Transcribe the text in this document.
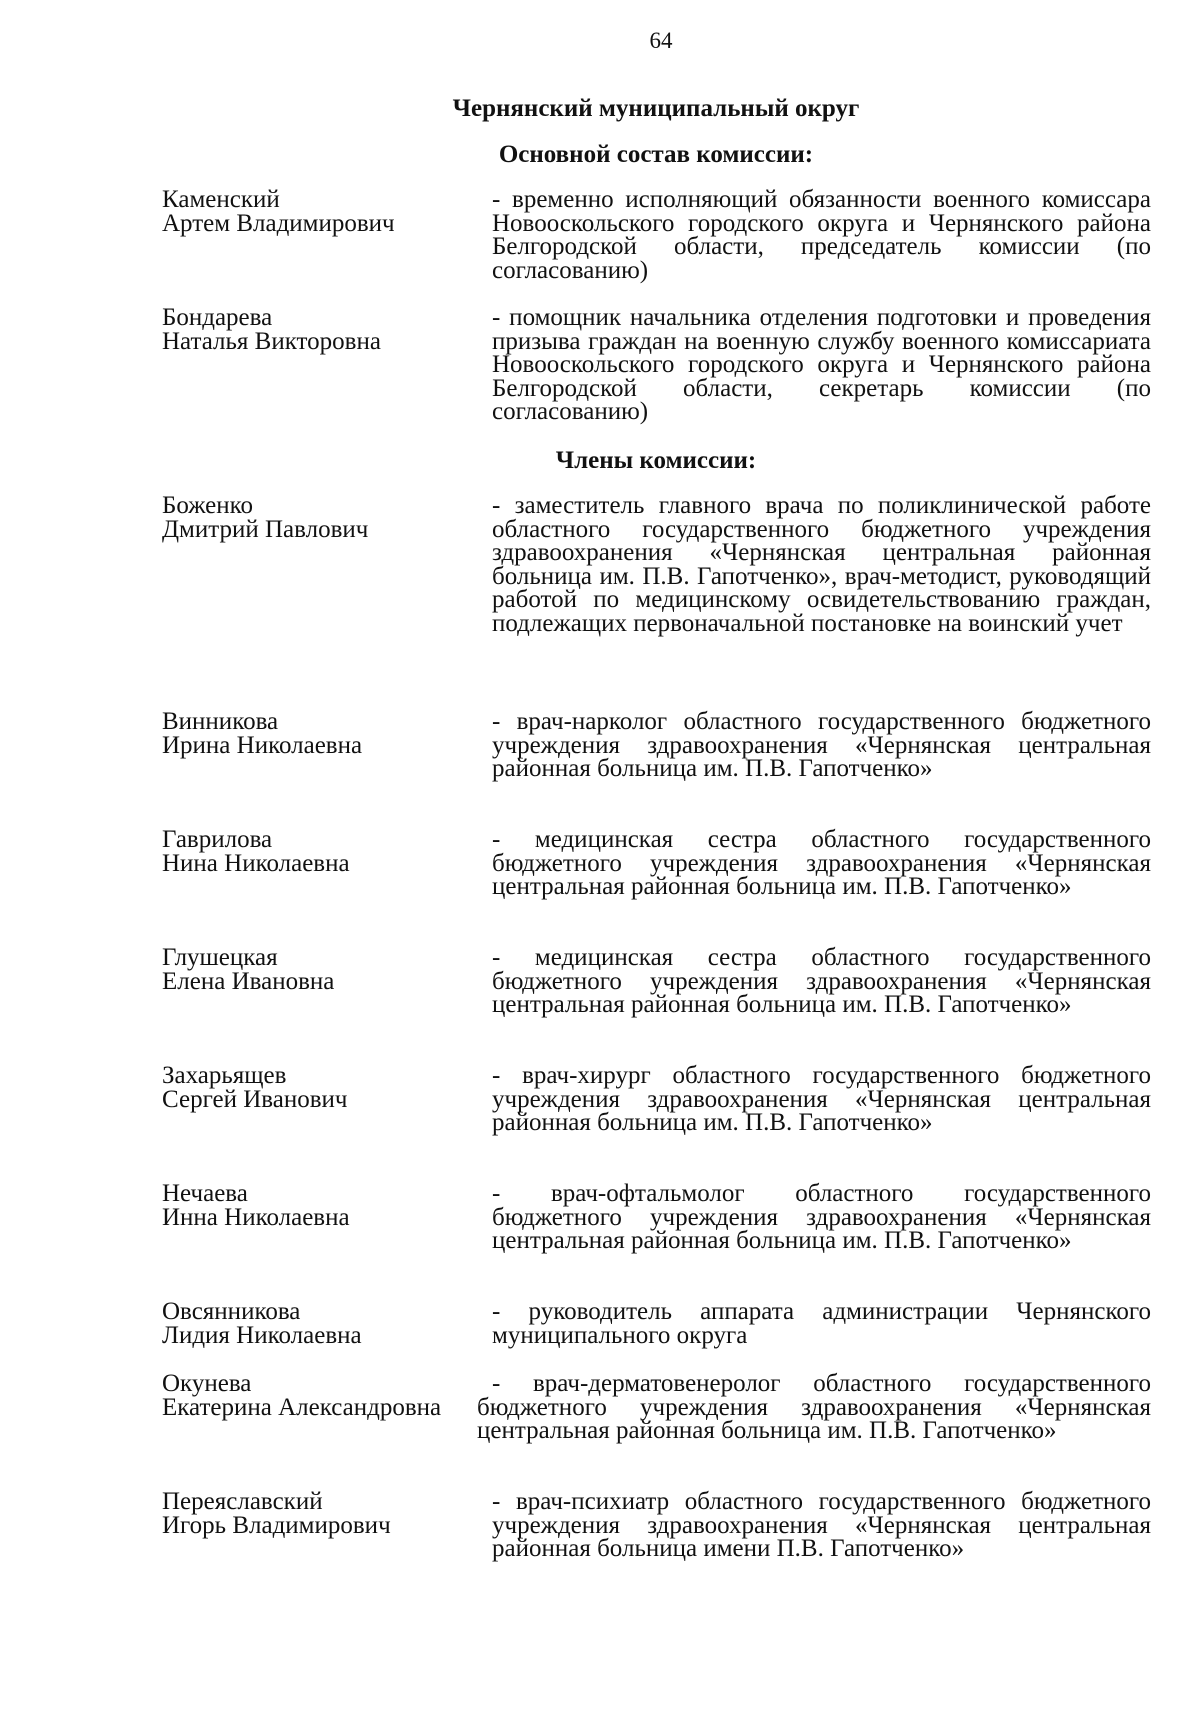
64
Чернянский муниципальный округ
Основной состав комиссии:
Каменский
Артем Владимирович
- временно исполняющий обязанности военного комиссара Новооскольского городского округа и Чернянского района Белгородской области, председатель комиссии (по согласованию)
Бондарева
Наталья Викторовна
- помощник начальника отделения подготовки и проведения призыва граждан на военную службу военного комиссариата Новооскольского городского округа и Чернянского района Белгородской области, секретарь комиссии (по согласованию)
Члены комиссии:
Боженко
Дмитрий Павлович
- заместитель главного врача по поликлинической работе областного государственного бюджетного учреждения здравоохранения «Чернянская центральная районная больница им. П.В. Гапотченко», врач-методист, руководящий работой по медицинскому освидетельствованию граждан, подлежащих первоначальной постановке на воинский учет
Винникова
Ирина Николаевна
- врач-нарколог областного государственного бюджетного учреждения здравоохранения «Чернянская центральная районная больница им. П.В. Гапотченко»
Гаврилова
Нина Николаевна
- медицинская сестра областного государственного бюджетного учреждения здравоохранения «Чернянская центральная районная больница им. П.В. Гапотченко»
Глушецкая
Елена Ивановна
- медицинская сестра областного государственного бюджетного учреждения здравоохранения «Чернянская центральная районная больница им. П.В. Гапотченко»
Захарьящев
Сергей Иванович
- врач-хирург областного государственного бюджетного учреждения здравоохранения «Чернянская центральная районная больница им. П.В. Гапотченко»
Нечаева
Инна Николаевна
- врач-офтальмолог областного государственного бюджетного учреждения здравоохранения «Чернянская центральная районная больница им. П.В. Гапотченко»
Овсянникова
Лидия Николаевна
- руководитель аппарата администрации Чернянского муниципального округа
Окунева
Екатерина Александровна
- врач-дерматовенеролог областного государственного бюджетного учреждения здравоохранения «Чернянская центральная районная больница им. П.В. Гапотченко»
Переяславский
Игорь Владимирович
- врач-психиатр областного государственного бюджетного учреждения здравоохранения «Чернянская центральная районная больница имени П.В. Гапотченко»
